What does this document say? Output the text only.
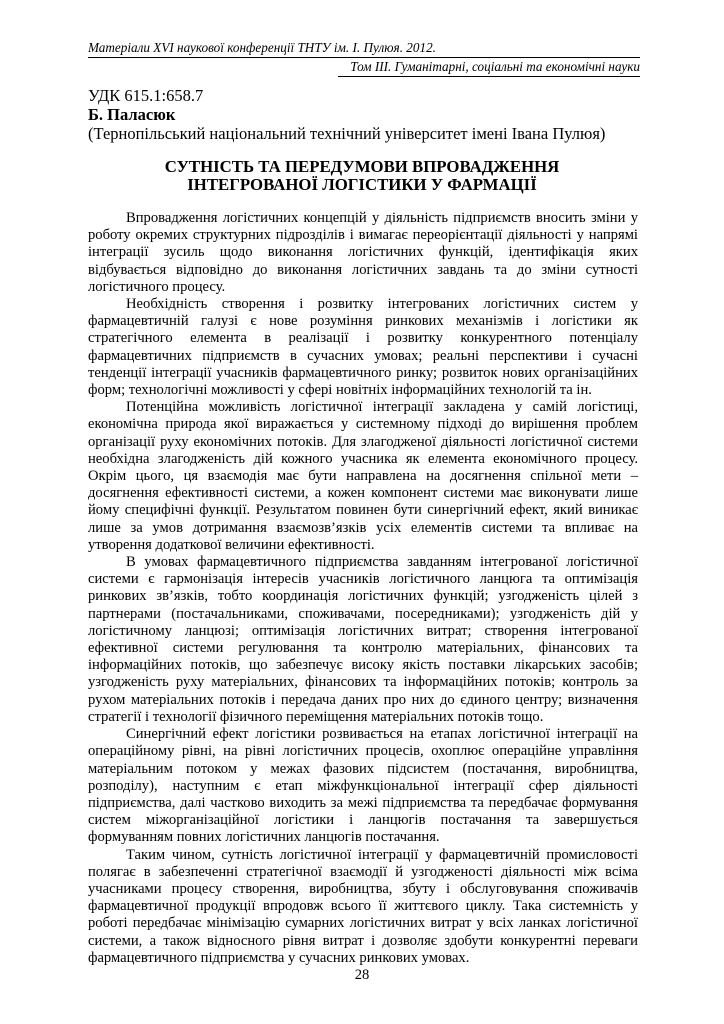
Матеріали XVI наукової конференції ТНТУ ім. І. Пулюя. 2012.
Том ІІІ. Гуманітарні, соціальні та економічні науки
УДК 615.1:658.7
Б. Паласюк
(Тернопільський національний технічний університет імені Івана Пулюя)
СУТНІСТЬ ТА ПЕРЕДУМОВИ ВПРОВАДЖЕННЯ
ІНТЕГРОВАНОЇ ЛОГІСТИКИ У ФАРМАЦІЇ

Впровадження логістичних концепцій у діяльність підприємств вносить зміни у роботу окремих структурних підрозділів і вимагає переорієнтації діяльності у напрямі інтеграції зусиль щодо виконання логістичних функцій, ідентифікація яких відбувається відповідно до виконання логістичних завдань та до зміни сутності логістичного процесу.

Необхідність створення і розвитку інтегрованих логістичних систем у фармацевтичній галузі є нове розуміння ринкових механізмів і логістики як стратегічного елемента в реалізації і розвитку конкурентного потенціалу фармацевтичних підприємств в сучасних умовах; реальні перспективи і сучасні тенденції інтеграції учасників фармацевтичного ринку; розвиток нових організаційних форм; технологічні можливості у сфері новітніх інформаційних технологій та ін.

Потенційна можливість логістичної інтеграції закладена у самій логістиці, економічна природа якої виражається у системному підході до вирішення проблем організації руху економічних потоків. Для злагодженої діяльності логістичної системи необхідна злагодженість дій кожного учасника як елемента економічного процесу. Окрім цього, ця взаємодія має бути направлена на досягнення спільної мети – досягнення ефективності системи, а кожен компонент системи має виконувати лише йому специфічні функції. Результатом повинен бути синергічний ефект, який виникає лише за умов дотримання взаємозв’язків усіх елементів системи та впливає на утворення додаткової величини ефективності.

В умовах фармацевтичного підприємства завданням інтегрованої логістичної системи є гармонізація інтересів учасників логістичного ланцюга та оптимізація ринкових зв’язків, тобто координація логістичних функцій; узгодженість цілей з партнерами (постачальниками, споживачами, посередниками); узгодженість дій у логістичному ланцюзі; оптимізація логістичних витрат; створення інтегрованої ефективної системи регулювання та контролю матеріальних, фінансових та інформаційних потоків, що забезпечує високу якість поставки лікарських засобів; узгодженість руху матеріальних, фінансових та інформаційних потоків; контроль за рухом матеріальних потоків і передача даних про них до єдиного центру; визначення стратегії і технології фізичного переміщення матеріальних потоків тощо.

Синергічний ефект логістики розвивається на етапах логістичної інтеграції на операційному рівні, на рівні логістичних процесів, охоплює операційне управління матеріальним потоком у межах фазових підсистем (постачання, виробництва, розподілу), наступним є етап міжфункціональної інтеграції сфер діяльності підприємства, далі частково виходить за межі підприємства та передбачає формування систем міжорганізаційної логістики і ланцюгів постачання та завершується формуванням повних логістичних ланцюгів постачання.

Таким чином, сутність логістичної інтеграції у фармацевтичній промисловості полягає в забезпеченні стратегічної взаємодії й узгодженості діяльності між всіма учасниками процесу створення, виробництва, збуту і обслуговування споживачів фармацевтичної продукції впродовж всього її життєвого циклу. Така системність у роботі передбачає мінімізацію сумарних логістичних витрат у всіх ланках логістичної системи, а також відносного рівня витрат і дозволяє здобути конкурентні переваги фармацевтичного підприємства у сучасних ринкових умовах.

28
